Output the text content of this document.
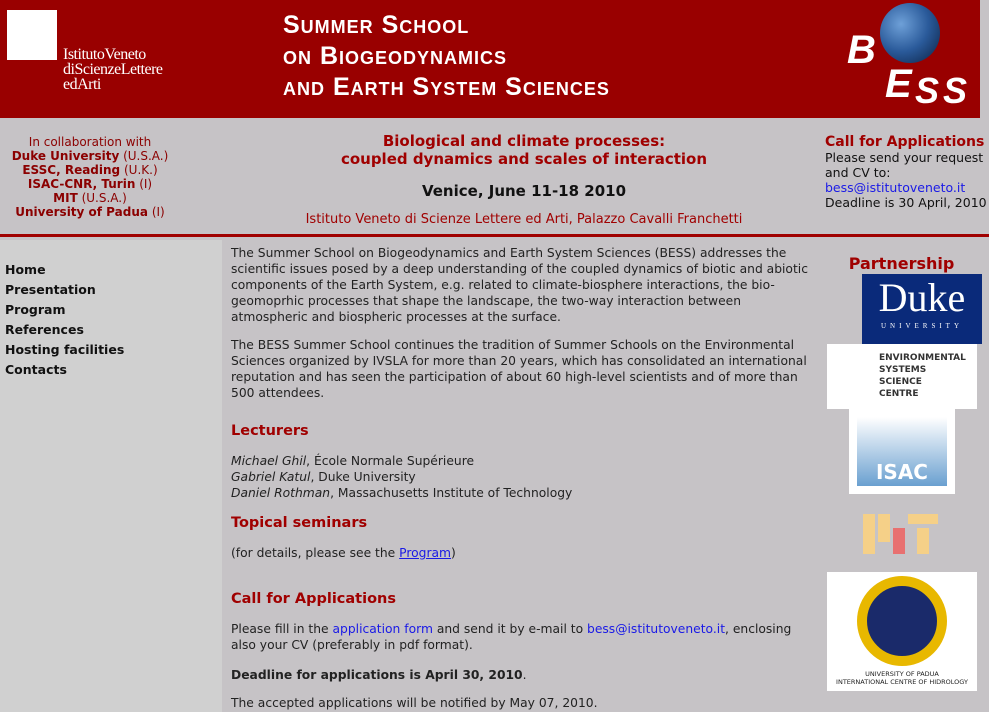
IstitutoVeneto
diScienzeLettere
edArti
Summer School
on Biogeodynamics
and Earth System Sciences
B
E S S
In collaboration with
Duke University (U.S.A.)
ESSC, Reading (U.K.)
ISAC-CNR, Turin (I)
MIT (U.S.A.)
University of Padua (I)
Biological and climate processes:
coupled dynamics and scales of interaction
Venice, June 11-18 2010
Istituto Veneto di Scienze Lettere ed Arti, Palazzo Cavalli Franchetti
Call for Applications
Please send your request and CV to:
bess@istitutoveneto.it
Deadline is 30 April, 2010
Home
Presentation
Program
References
Hosting facilities
Contacts

The Summer School on Biogeodynamics and Earth System Sciences (BESS) addresses the scientific issues posed by a deep understanding of the coupled dynamics of biotic and abiotic components of the Earth System, e.g. related to climate-biosphere interactions, the bio-geomoprhic processes that shape the landscape, the two-way interaction between atmospheric and biospheric processes at the surface.

The BESS Summer School continues the tradition of Summer Schools on the Environmental Sciences organized by IVSLA for more than 20 years, which has consolidated an international reputation and has seen the participation of about 60 high-level scientists and of more than 500 attendees.

Lecturers
Michael Ghil, École Normale Supérieure
Gabriel Katul, Duke University
Daniel Rothman, Massachusetts Institute of Technology
Topical seminars

(for details, please see the Program)

Call for Applications

Please fill in the application form and send it by e-mail to bess@istitutoveneto.it, enclosing also your CV (preferably in pdf format).

Deadline for applications is April 30, 2010.

The accepted applications will be notified by May 07, 2010.

Partnership
Duke
UNIVERSITY
ENVIRONMENTAL
SYSTEMS
SCIENCE
CENTRE
ISAC
UNIVERSITY OF PADUA
INTERNATIONAL CENTRE OF HIDROLOGY
